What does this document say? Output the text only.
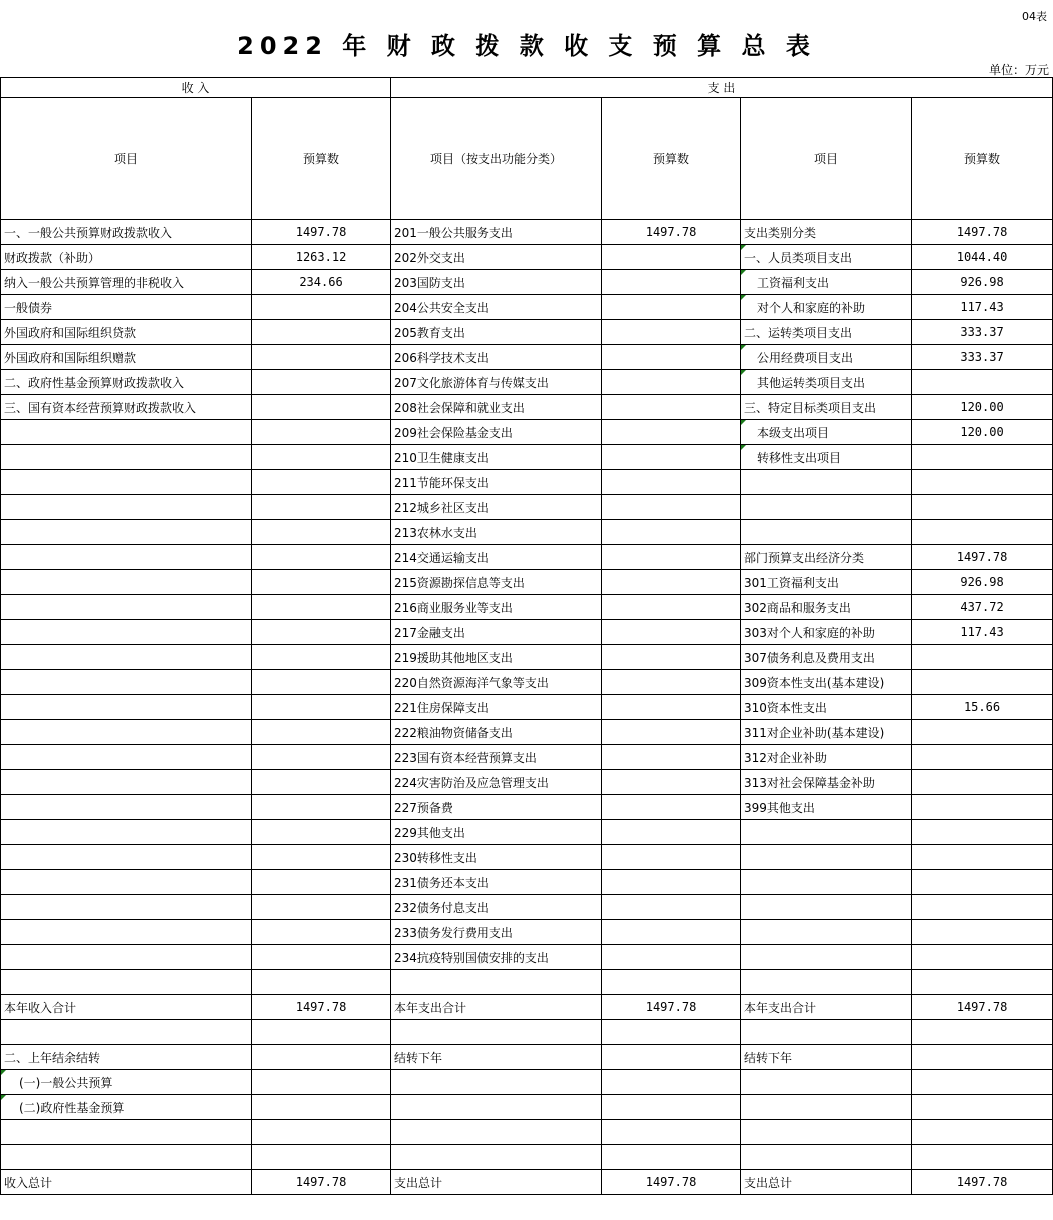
04表
2022 年 财 政 拨 款 收 支 预 算 总 表
单位：万元
收 入		支 出			
项目	预算数	项目（按支出功能分类）	预算数	项目	预算数
一、一般公共预算财政拨款收入	1497.78	201一般公共服务支出	1497.78	支出类别分类	1497.78
财政拨款（补助）	1263.12	202外交支出		一、人员类项目支出	1044.40
纳入一般公共预算管理的非税收入	234.66	203国防支出		工资福利支出	926.98
一般债券		204公共安全支出		对个人和家庭的补助	117.43
外国政府和国际组织贷款		205教育支出		二、运转类项目支出	333.37
外国政府和国际组织赠款		206科学技术支出		公用经费项目支出	333.37
二、政府性基金预算财政拨款收入		207文化旅游体育与传媒支出		其他运转类项目支出	
三、国有资本经营预算财政拨款收入		208社会保障和就业支出		三、特定目标类项目支出	120.00
		209社会保险基金支出		本级支出项目	120.00
		210卫生健康支出		转移性支出项目	
		211节能环保支出			
		212城乡社区支出			
		213农林水支出			
		214交通运输支出		部门预算支出经济分类	1497.78
		215资源勘探信息等支出		301工资福利支出	926.98
		216商业服务业等支出		302商品和服务支出	437.72
		217金融支出		303对个人和家庭的补助	117.43
		219援助其他地区支出		307债务利息及费用支出	
		220自然资源海洋气象等支出		309资本性支出(基本建设)	
		221住房保障支出		310资本性支出	15.66
		222粮油物资储备支出		311对企业补助(基本建设)	
		223国有资本经营预算支出		312对企业补助	
		224灾害防治及应急管理支出		313对社会保障基金补助	
		227预备费		399其他支出	
		229其他支出			
		230转移性支出			
		231债务还本支出			
		232债务付息支出			
		233债务发行费用支出			
		234抗疫特别国债安排的支出			

本年收入合计	1497.78	本年支出合计	1497.78	本年支出合计	1497.78

二、上年结余结转		结转下年		结转下年	
(一)一般公共预算					
(二)政府性基金预算					

收入总计	1497.78	支出总计	1497.78	支出总计	1497.78
